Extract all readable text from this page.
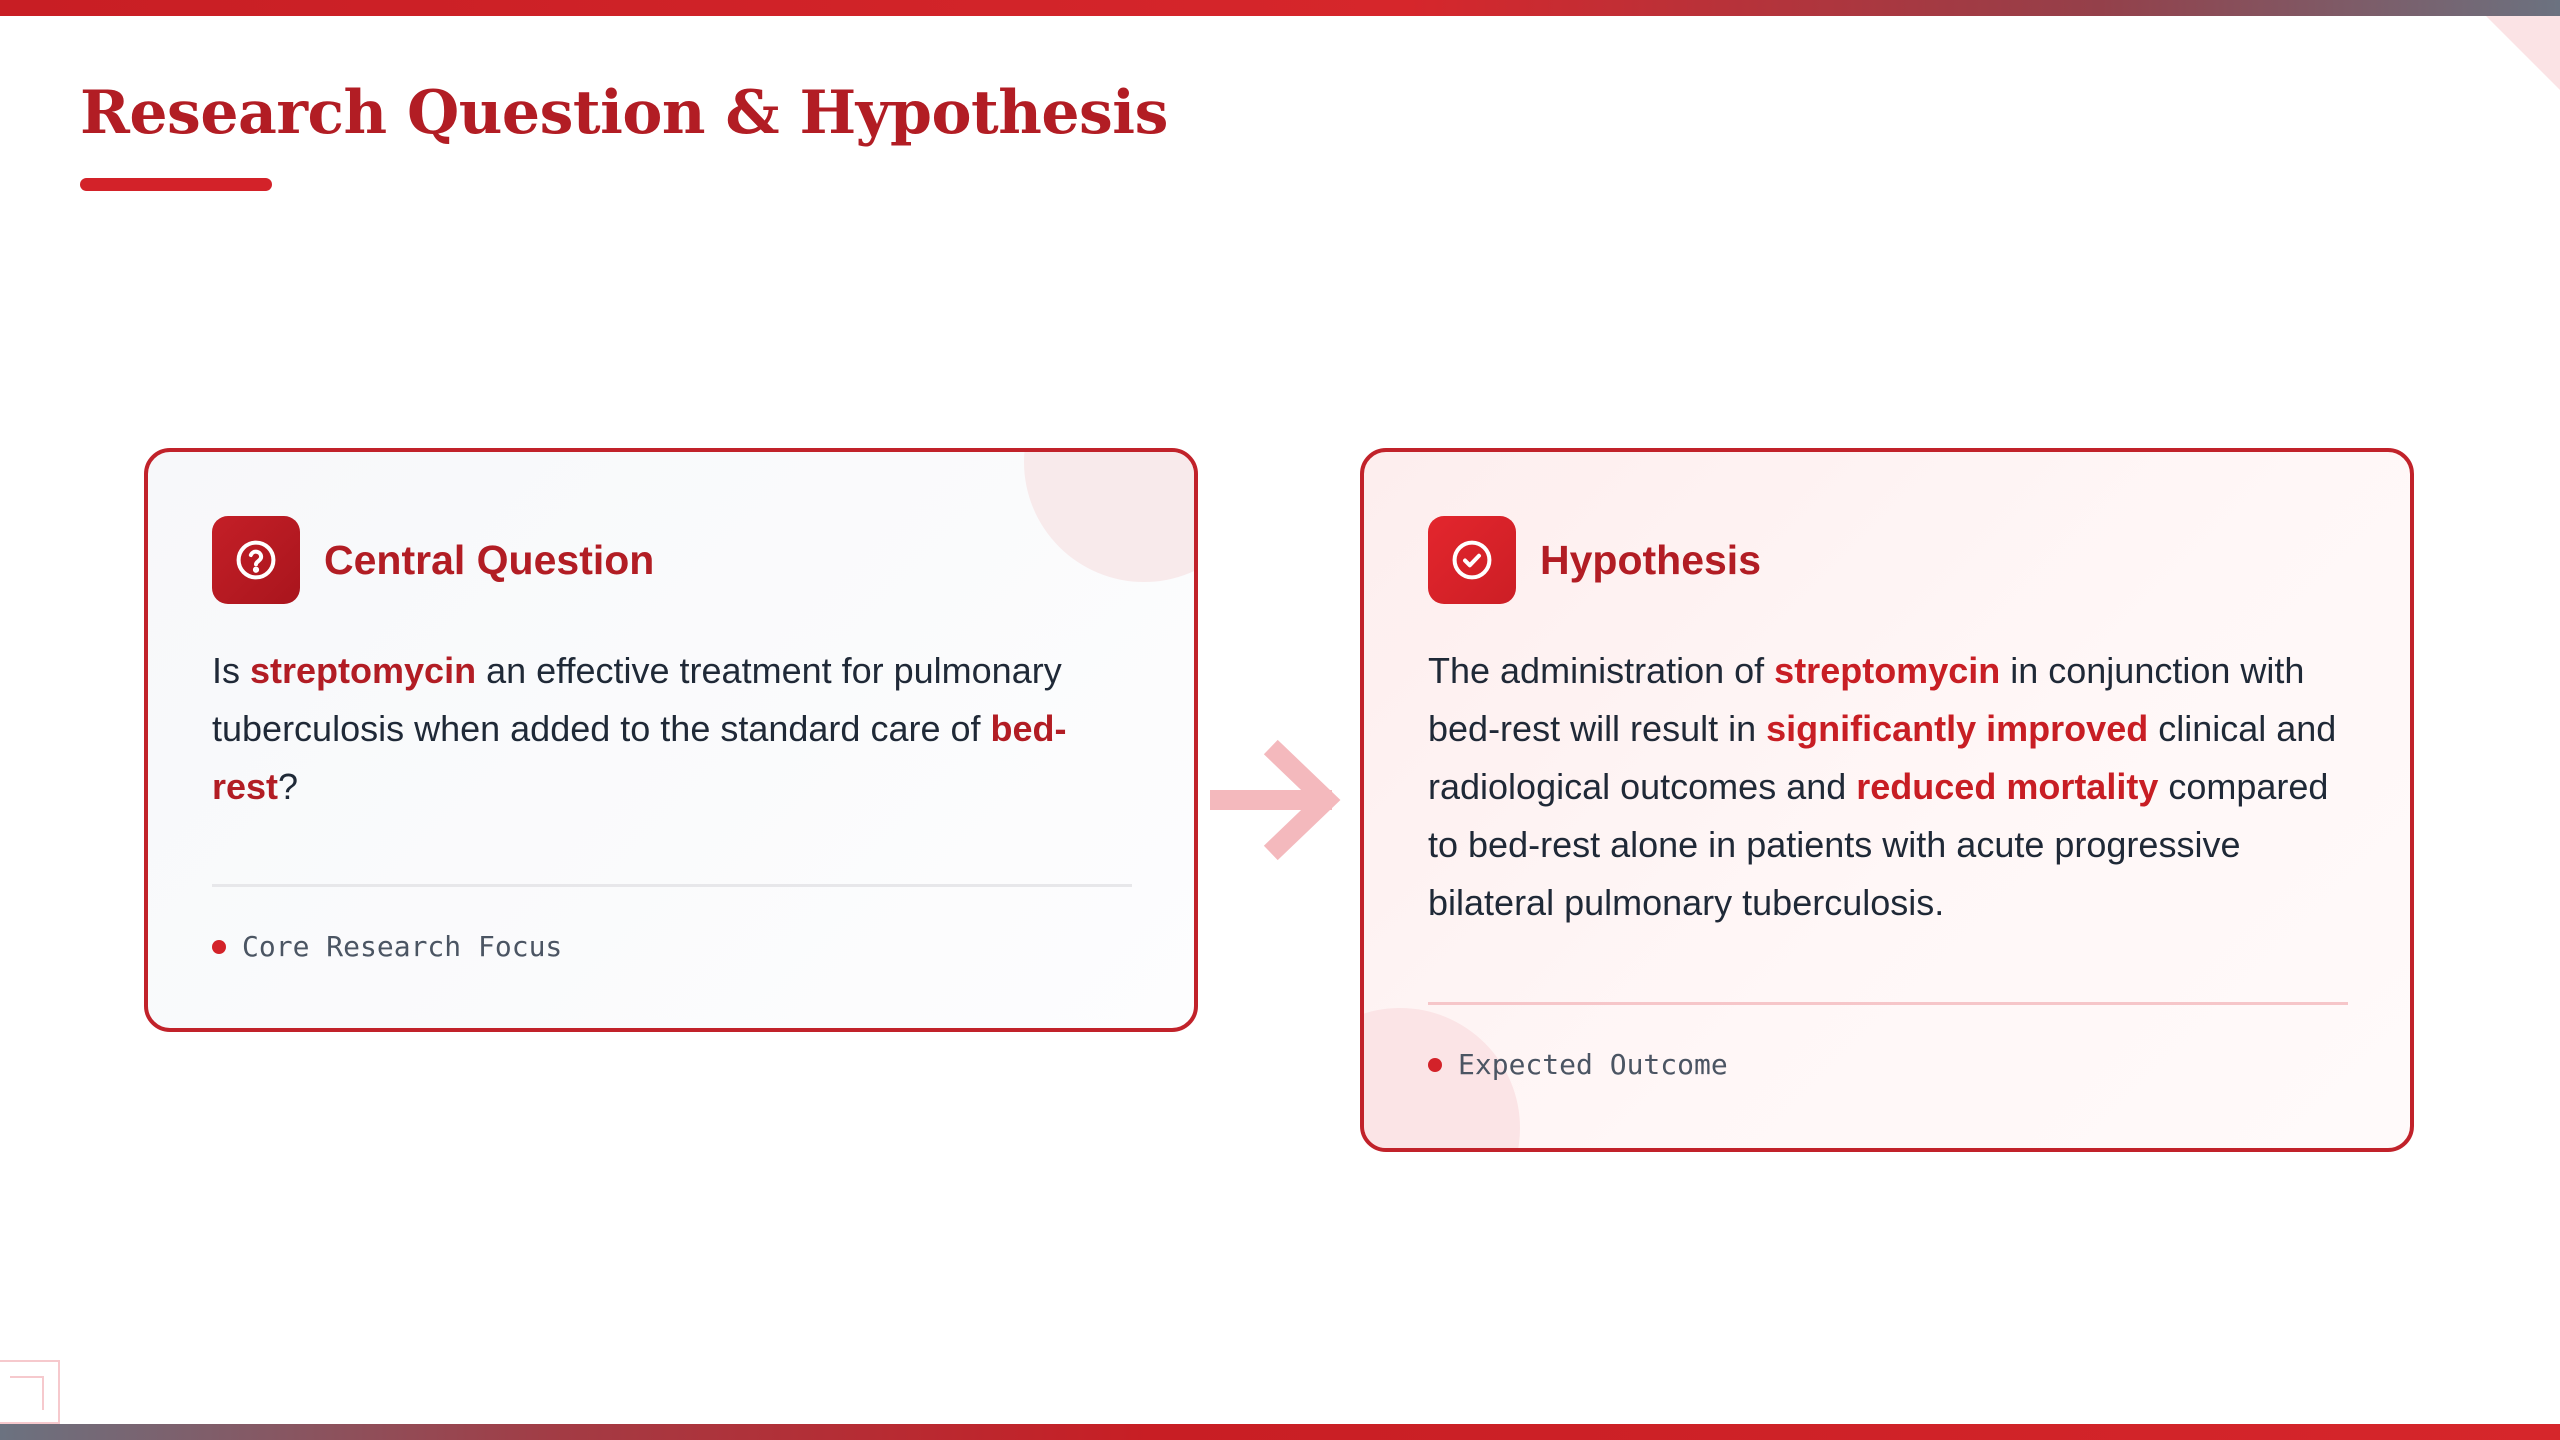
Research Question & Hypothesis
Central Question

Is streptomycin an effective treatment for pulmonary tuberculosis when added to the standard care of bed-rest?

Core Research Focus
Hypothesis

The administration of streptomycin in conjunction with bed-rest will result in significantly improved clinical and radiological outcomes and reduced mortality compared to bed-rest alone in patients with acute progressive bilateral pulmonary tuberculosis.

Expected Outcome
